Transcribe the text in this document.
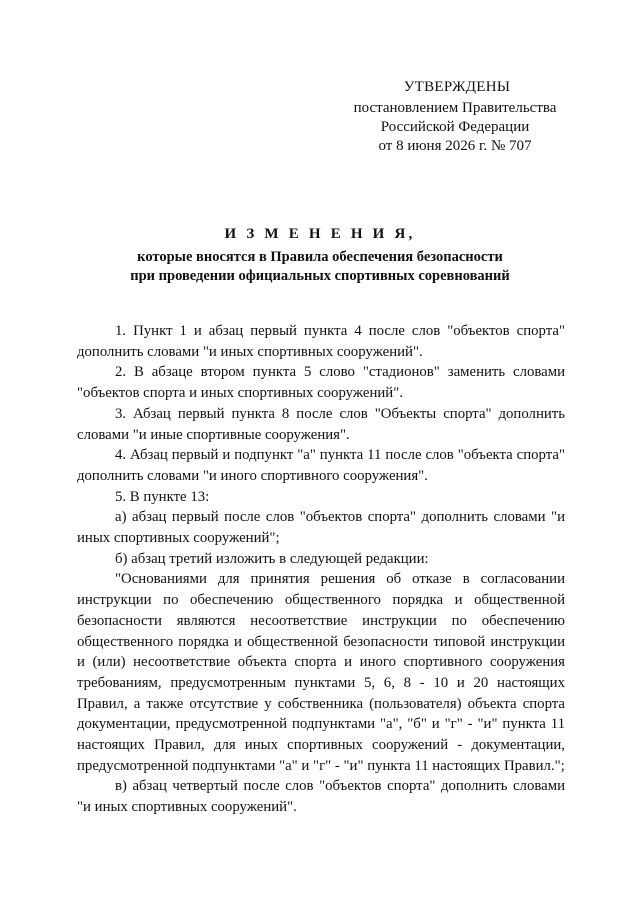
УТВЕРЖДЕНЫ
постановлением Правительства
Российской Федерации
от 8 июня 2026 г. № 707
И З М Е Н Е Н И Я,
которые вносятся в Правила обеспечения безопасности
при проведении официальных спортивных соревнований

1. Пункт 1 и абзац первый пункта 4 после слов "объектов спорта" дополнить словами "и иных спортивных сооружений".

2. В абзаце втором пункта 5 слово "стадионов" заменить словами "объектов спорта и иных спортивных сооружений".

3. Абзац первый пункта 8 после слов "Объекты спорта" дополнить словами "и иные спортивные сооружения".

4. Абзац первый и подпункт "а" пункта 11 после слов "объекта спорта" дополнить словами "и иного спортивного сооружения".

5. В пункте 13:

а) абзац первый после слов "объектов спорта" дополнить словами "и иных спортивных сооружений";

б) абзац третий изложить в следующей редакции:

"Основаниями для принятия решения об отказе в согласовании инструкции по обеспечению общественного порядка и общественной безопасности являются несоответствие инструкции по обеспечению общественного порядка и общественной безопасности типовой инструкции и (или) несоответствие объекта спорта и иного спортивного сооружения требованиям, предусмотренным пунктами 5, 6, 8 - 10 и 20 настоящих Правил, а также отсутствие у собственника (пользователя) объекта спорта документации, предусмотренной подпунктами "а", "б" и "г" - "и" пункта 11 настоящих Правил, для иных спортивных сооружений - документации, предусмотренной подпунктами "а" и "г" - "и" пункта 11 настоящих Правил.";

в) абзац четвертый после слов "объектов спорта" дополнить словами "и иных спортивных сооружений".
